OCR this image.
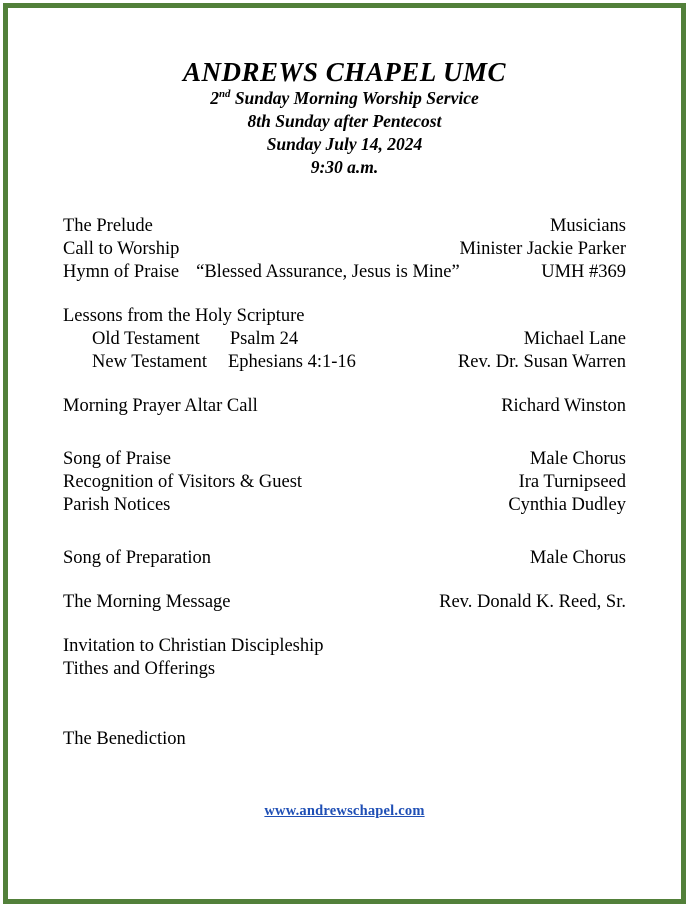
ANDREWS CHAPEL UMC
2nd Sunday Morning Worship Service
8th Sunday after Pentecost
Sunday July 14, 2024
9:30 a.m.
The Prelude	Musicians
Call to Worship	Minister Jackie Parker
Hymn of Praise “Blessed Assurance, Jesus is Mine”	UMH #369
Lessons from the Holy Scripture
Old Testament	Psalm 24	Michael Lane
New Testament	Ephesians 4:1-16	Rev. Dr. Susan Warren
Morning Prayer Altar Call	Richard Winston
Song of Praise	Male Chorus
Recognition of Visitors & Guest	Ira Turnipseed
Parish Notices	Cynthia Dudley
Song of Preparation	Male Chorus
The Morning Message	Rev. Donald K. Reed, Sr.
Invitation to Christian Discipleship
Tithes and Offerings
The Benediction
www.andrewschapel.com
